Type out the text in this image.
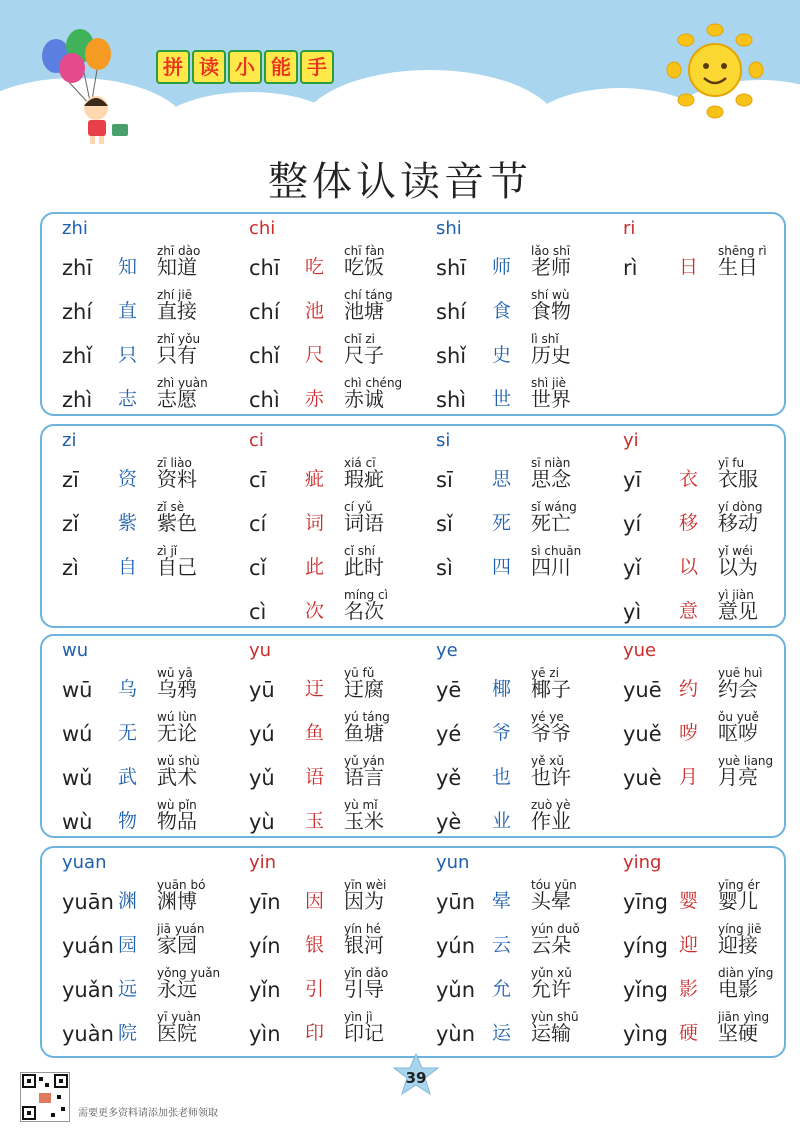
拼 读 小 能 手
整体认读音节
zhi
zhī 知
zhī dào
知道
zhí 直
zhí jiē
直接
zhǐ 只
zhǐ yǒu
只有
zhì 志
zhì yuàn
志愿
chi
chī 吃
chī fàn
吃饭
chí 池
chí táng
池塘
chǐ 尺
chǐ zi
尺子
chì 赤
chì chéng
赤诚
shi
shī 师
lǎo shī
老师
shí 食
shí wù
食物
shǐ 史
lì shǐ
历史
shì 世
shì jiè
世界
ri
rì 日
shēng rì
生日
zi
zī 资
zī liào
资料
zǐ 紫
zǐ sè
紫色
zì 自
zì jǐ
自己
ci
cī 疵
xiá cī
瑕疵
cí 词
cí yǔ
词语
cǐ 此
cǐ shí
此时
cì 次
míng cì
名次
si
sī 思
sī niàn
思念
sǐ 死
sǐ wáng
死亡
sì 四
sì chuān
四川
yi
yī 衣
yī fu
衣服
yí 移
yí dòng
移动
yǐ 以
yǐ wéi
以为
yì 意
yì jiàn
意见
wu
wū 乌
wū yā
乌鸦
wú 无
wú lùn
无论
wǔ 武
wǔ shù
武术
wù 物
wù pǐn
物品
yu
yū 迂
yū fǔ
迂腐
yú 鱼
yú táng
鱼塘
yǔ 语
yǔ yán
语言
yù 玉
yù mǐ
玉米
ye
yē 椰
yē zi
椰子
yé 爷
yé ye
爷爷
yě 也
yě xǔ
也许
yè 业
zuò yè
作业
yue
yuē 约
yuē huì
约会
yuě 哕
ǒu yuě
呕哕
yuè 月
yuè liang
月亮
yuan
yuān 渊
yuān bó
渊博
yuán 园
jiā yuán
家园
yuǎn 远
yǒng yuǎn
永远
yuàn 院
yī yuàn
医院
yin
yīn 因
yīn wèi
因为
yín 银
yín hé
银河
yǐn 引
yǐn dǎo
引导
yìn 印
yìn jì
印记
yun
yūn 晕
tóu yūn
头晕
yún 云
yún duǒ
云朵
yǔn 允
yǔn xǔ
允许
yùn 运
yùn shū
运输
ying
yīng 婴
yīng ér
婴儿
yíng 迎
yíng jiē
迎接
yǐng 影
diàn yǐng
电影
yìng 硬
jiān yìng
坚硬
需要更多资料请添加张老师领取
39
